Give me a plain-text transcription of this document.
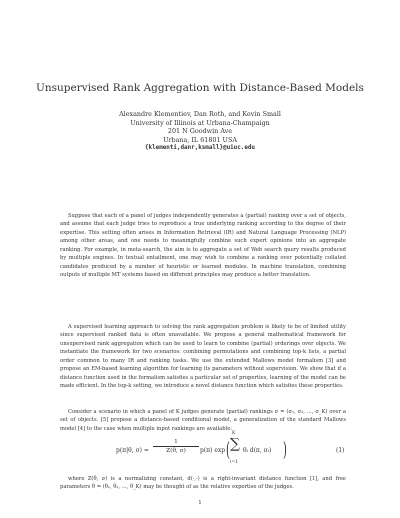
Unsupervised Rank Aggregation with Distance-Based Models
Alexandre Klementiev, Dan Roth, and Kevin Small
University of Illinois at Urbana-Champaign
201 N Goodwin Ave
Urbana, IL 61801 USA
{klementi,danr,ksmall}@uiuc.edu
Suppose that each of a panel of judges independently generates a (partial) ranking over a set of objects, and assume that each judge tries to reproduce a true underlying ranking according to the degree of their expertise. This setting often arises in Information Retrieval (IR) and Natural Language Processing (NLP) among other areas, and one needs to meaningfully combine such expert opinions into an aggregate ranking. For example, in meta-search, the aim is to aggregate a set of Web search query results produced by multiple engines. In textual entailment, one may wish to combine a ranking over potentially collated candidates produced by a number of heuristic or learned modules. In machine translation, combining outputs of multiple MT systems based on different principles may produce a better translation.
A supervised learning approach to solving the rank aggregation problem is likely to be of limited utility since supervised ranked data is often unavailable. We propose a general mathematical framework for unsupervised rank aggregation which can be used to learn to combine (partial) orderings over objects. We instantiate the framework for two scenarios: combining permutations and combining top-k lists, a partial order common to many IR and ranking tasks. We use the extended Mallows model formalism [3] and propose an EM-based learning algorithm for learning its parameters without supervision. We show that if a distance function used in the formalism satisfies a particular set of properties, learning of the model can be made efficient. In the top-k setting, we introduce a novel distance function which satisfies these properties.
Consider a scenario in which a panel of K judges generate (partial) rankings σ = (σ₁, σ₂, ..., σ_K) over a set of objects. [5] propose a distance-based conditional model, a generalization of the standard Mallows model [4] to the case when multiple input rankings are available:
p(π|θ, σ) =
1
Z(θ, σ)	p(π) exp (
K
∑
i=1
θᵢ d(π, σᵢ) )	(1)
where Z(θ, σ) is a normalizing constant, d(·,·) is a right-invariant distance function [1], and free parameters θ = (θ₁, θ₂, ..., θ_K) may be thought of as the relative expertise of the judges.
1
